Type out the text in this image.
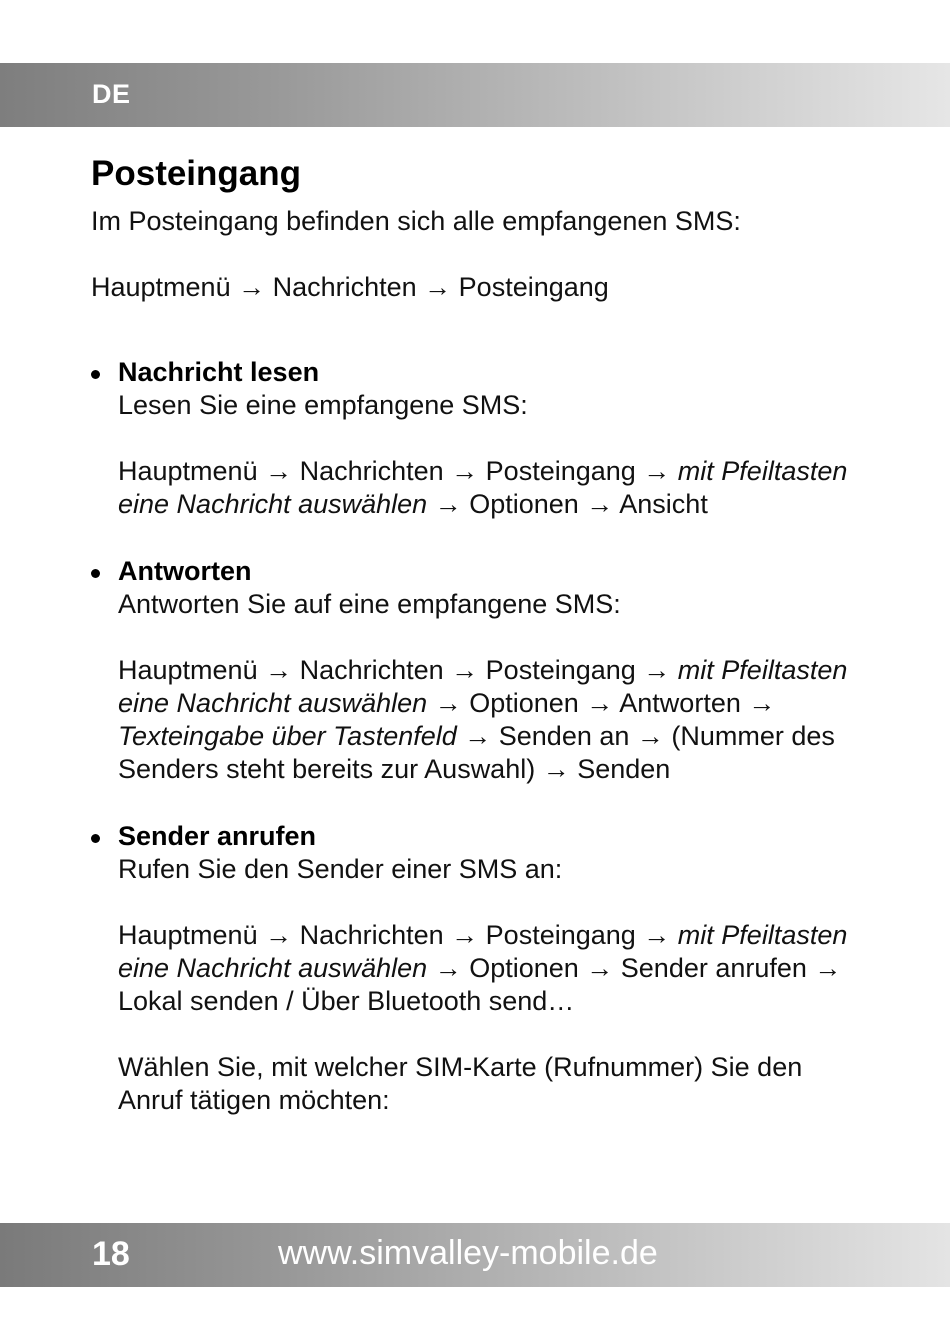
DE
Posteingang

Im Posteingang befinden sich alle empfangenen SMS:

Hauptmenü → Nachrichten → Posteingang

Nachricht lesen
Lesen Sie eine empfangene SMS:
Hauptmenü → Nachrichten → Posteingang → mit Pfeiltasten eine Nachricht auswählen → Optionen → Ansicht
Antworten
Antworten Sie auf eine empfangene SMS:
Hauptmenü → Nachrichten → Posteingang → mit Pfeiltasten eine Nachricht auswählen → Optionen → Antworten → Texteingabe über Tastenfeld → Senden an → (Nummer des Senders steht bereits zur Auswahl) → Senden
Sender anrufen
Rufen Sie den Sender einer SMS an:
Hauptmenü → Nachrichten → Posteingang → mit Pfeiltasten eine Nachricht auswählen → Optionen → Sender anrufen → Lokal senden / Über Bluetooth send…
Wählen Sie, mit welcher SIM-Karte (Rufnummer) Sie den Anruf tätigen möchten:
18	www.simvalley-mobile.de
